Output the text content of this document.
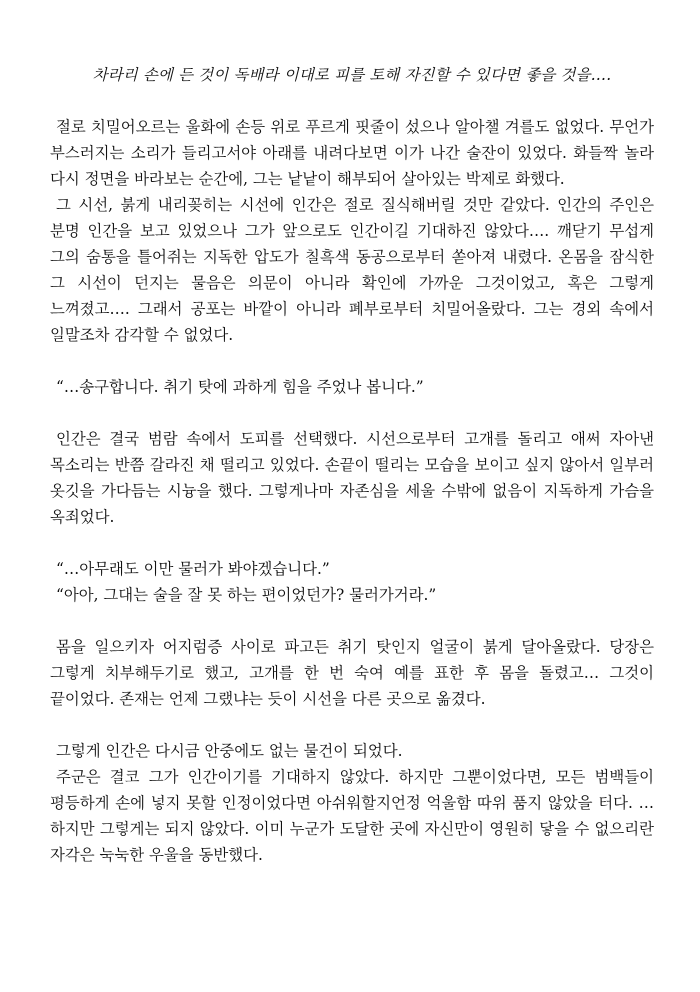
차라리 손에 든 것이 독배라 이대로 피를 토해 자진할 수 있다면 좋을 것을….

절로 치밀어오르는 울화에 손등 위로 푸르게 핏줄이 섰으나 알아챌 겨를도 없었다. 무언가 부스러지는 소리가 들리고서야 아래를 내려다보면 이가 나간 술잔이 있었다. 화들짝 놀라 다시 정면을 바라보는 순간에, 그는 낱낱이 해부되어 살아있는 박제로 화했다.

그 시선, 붉게 내리꽂히는 시선에 인간은 절로 질식해버릴 것만 같았다. 인간의 주인은 분명 인간을 보고 있었으나 그가 앞으로도 인간이길 기대하진 않았다…. 깨닫기 무섭게 그의 숨통을 틀어쥐는 지독한 압도가 칠흑색 동공으로부터 쏟아져 내렸다. 온몸을 잠식한 그 시선이 던지는 물음은 의문이 아니라 확인에 가까운 그것이었고, 혹은 그렇게 느껴졌고…. 그래서 공포는 바깥이 아니라 폐부로부터 치밀어올랐다. 그는 경외 속에서 일말조차 감각할 수 없었다.

“…송구합니다. 취기 탓에 과하게 힘을 주었나 봅니다.”

인간은 결국 범람 속에서 도피를 선택했다. 시선으로부터 고개를 돌리고 애써 자아낸 목소리는 반쯤 갈라진 채 떨리고 있었다. 손끝이 떨리는 모습을 보이고 싶지 않아서 일부러 옷깃을 가다듬는 시늉을 했다. 그렇게나마 자존심을 세울 수밖에 없음이 지독하게 가슴을 옥죄었다.

“…아무래도 이만 물러가 봐야겠습니다.”

“아아, 그대는 술을 잘 못 하는 편이었던가? 물러가거라.”

몸을 일으키자 어지럼증 사이로 파고든 취기 탓인지 얼굴이 붉게 달아올랐다. 당장은 그렇게 치부해두기로 했고, 고개를 한 번 숙여 예를 표한 후 몸을 돌렸고… 그것이 끝이었다. 존재는 언제 그랬냐는 듯이 시선을 다른 곳으로 옮겼다.

그렇게 인간은 다시금 안중에도 없는 물건이 되었다.

주군은 결코 그가 인간이기를 기대하지 않았다. 하지만 그뿐이었다면, 모든 범백들이 평등하게 손에 넣지 못할 인정이었다면 아쉬워할지언정 억울함 따위 품지 않았을 터다. …하지만 그렇게는 되지 않았다. 이미 누군가 도달한 곳에 자신만이 영원히 닿을 수 없으리란 자각은 눅눅한 우울을 동반했다.
